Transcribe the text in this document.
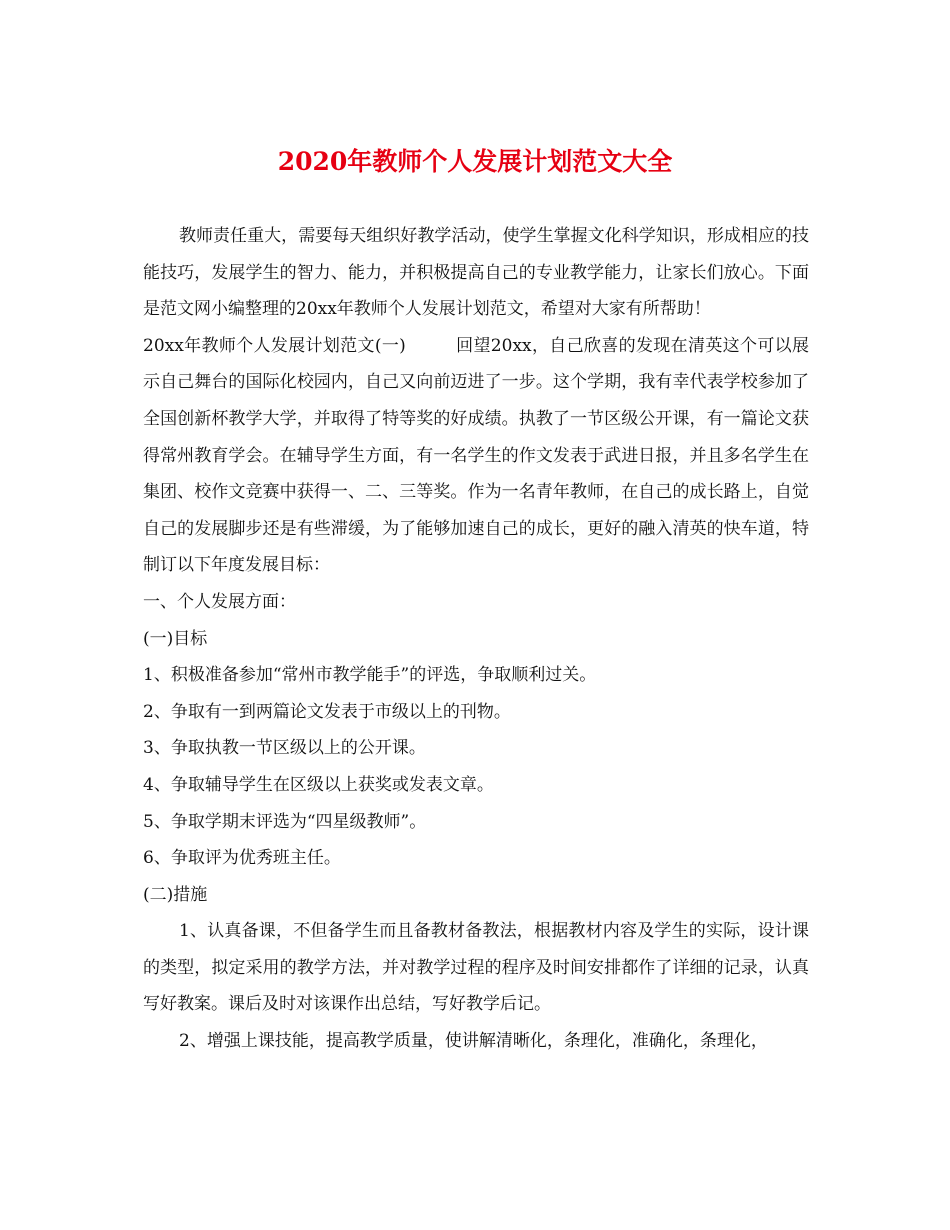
2020年教师个人发展计划范文大全

教师责任重大，需要每天组织好教学活动，使学生掌握文化科学知识，形成相应的技能技巧，发展学生的智力、能力，并积极提高自己的专业教学能力，让家长们放心。下面是范文网小编整理的20xx年教师个人发展计划范文，希望对大家有所帮助！

20xx年教师个人发展计划范文(一)	回望20xx，自己欣喜的发现在清英这个可以展示自己舞台的国际化校园内，自己又向前迈进了一步。这个学期，我有幸代表学校参加了全国创新杯教学大学，并取得了特等奖的好成绩。执教了一节区级公开课，有一篇论文获得常州教育学会。在辅导学生方面，有一名学生的作文发表于武进日报，并且多名学生在集团、校作文竞赛中获得一、二、三等奖。作为一名青年教师，在自己的成长路上，自觉自己的发展脚步还是有些滞缓，为了能够加速自己的成长，更好的融入清英的快车道，特制订以下年度发展目标：

一、个人发展方面：

(一)目标

1、积极准备参加“常州市教学能手”的评选，争取顺利过关。

2、争取有一到两篇论文发表于市级以上的刊物。

3、争取执教一节区级以上的公开课。

4、争取辅导学生在区级以上获奖或发表文章。

5、争取学期末评选为“四星级教师”。

6、争取评为优秀班主任。

(二)措施

1、认真备课，不但备学生而且备教材备教法，根据教材内容及学生的实际，设计课的类型，拟定采用的教学方法，并对教学过程的程序及时间安排都作了详细的记录，认真写好教案。课后及时对该课作出总结，写好教学后记。

2、增强上课技能，提高教学质量，使讲解清晰化，条理化，准确化，条理化，
